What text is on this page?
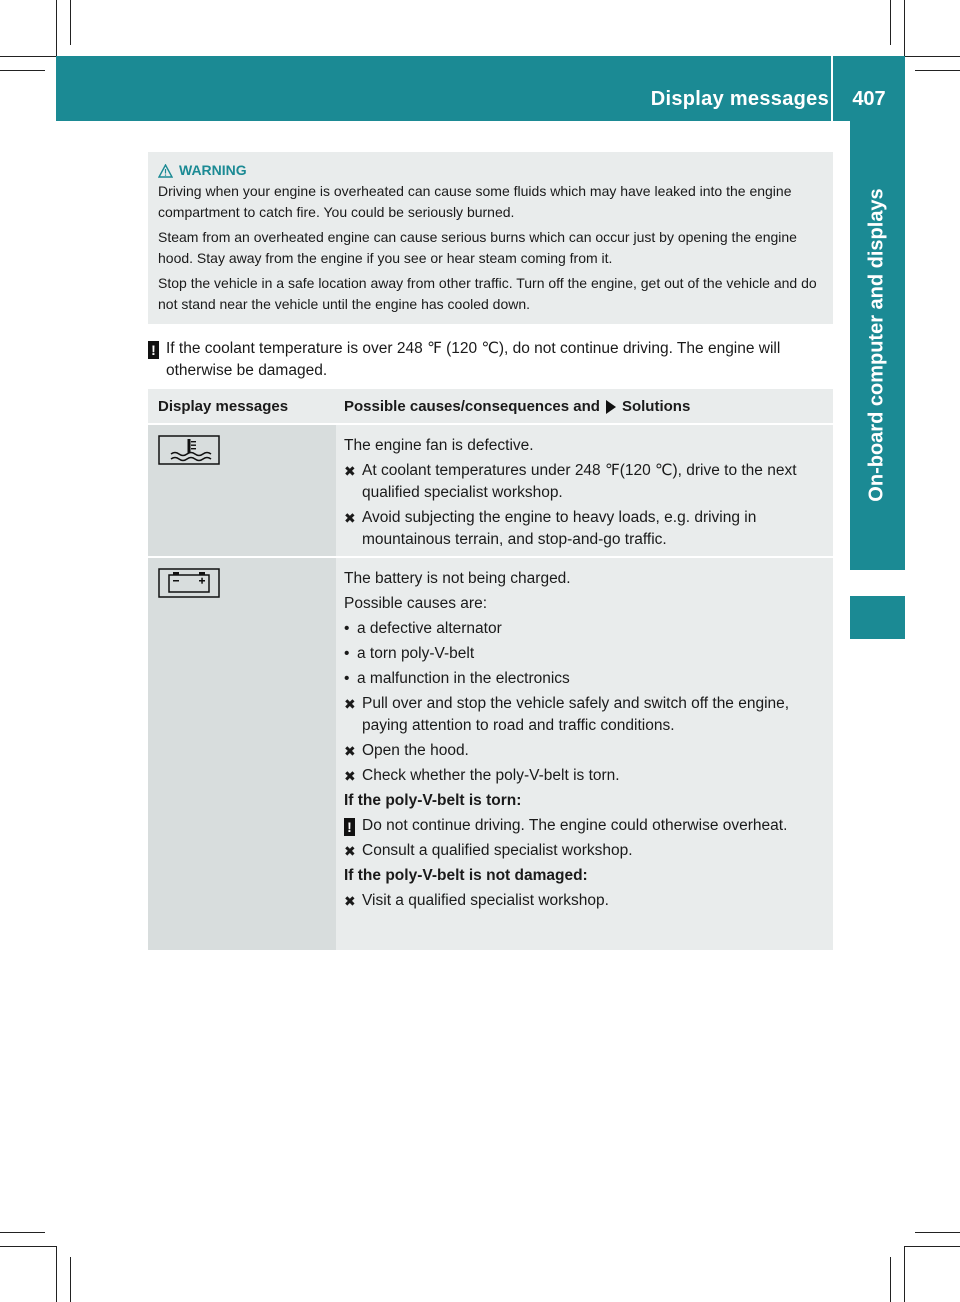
Display messages	407
On-board computer and displays
WARNING

Driving when your engine is overheated can cause some fluids which may have leaked into the engine compartment to catch fire. You could be seriously burned.

Steam from an overheated engine can cause serious burns which can occur just by opening the engine hood. Stay away from the engine if you see or hear steam coming from it.

Stop the vehicle in a safe location away from other traffic. Turn off the engine, get out of the vehicle and do not stand near the vehicle until the engine has cooled down.

! If the coolant temperature is over 248 ℉ (120 ℃), do not continue driving. The engine will
otherwise be damaged.
Display messages	Possible causes/consequences and Solutions

The engine fan is defective.

✖ At coolant temperatures under 248 ℉(120 ℃), drive to the next qualified specialist workshop.
✖ Avoid subjecting the engine to heavy loads, e.g. driving in mountainous terrain, and stop-and-go traffic.

The battery is not being charged.

Possible causes are:

• a defective alternator
• a torn poly-V-belt
• a malfunction in the electronics
✖ Pull over and stop the vehicle safely and switch off the engine, paying attention to road and traffic conditions.
✖ Open the hood.
✖ Check whether the poly-V-belt is torn.

If the poly-V-belt is torn:

! Do not continue driving. The engine could otherwise overheat.

✖ Consult a qualified specialist workshop.

If the poly-V-belt is not damaged:

✖ Visit a qualified specialist workshop.
